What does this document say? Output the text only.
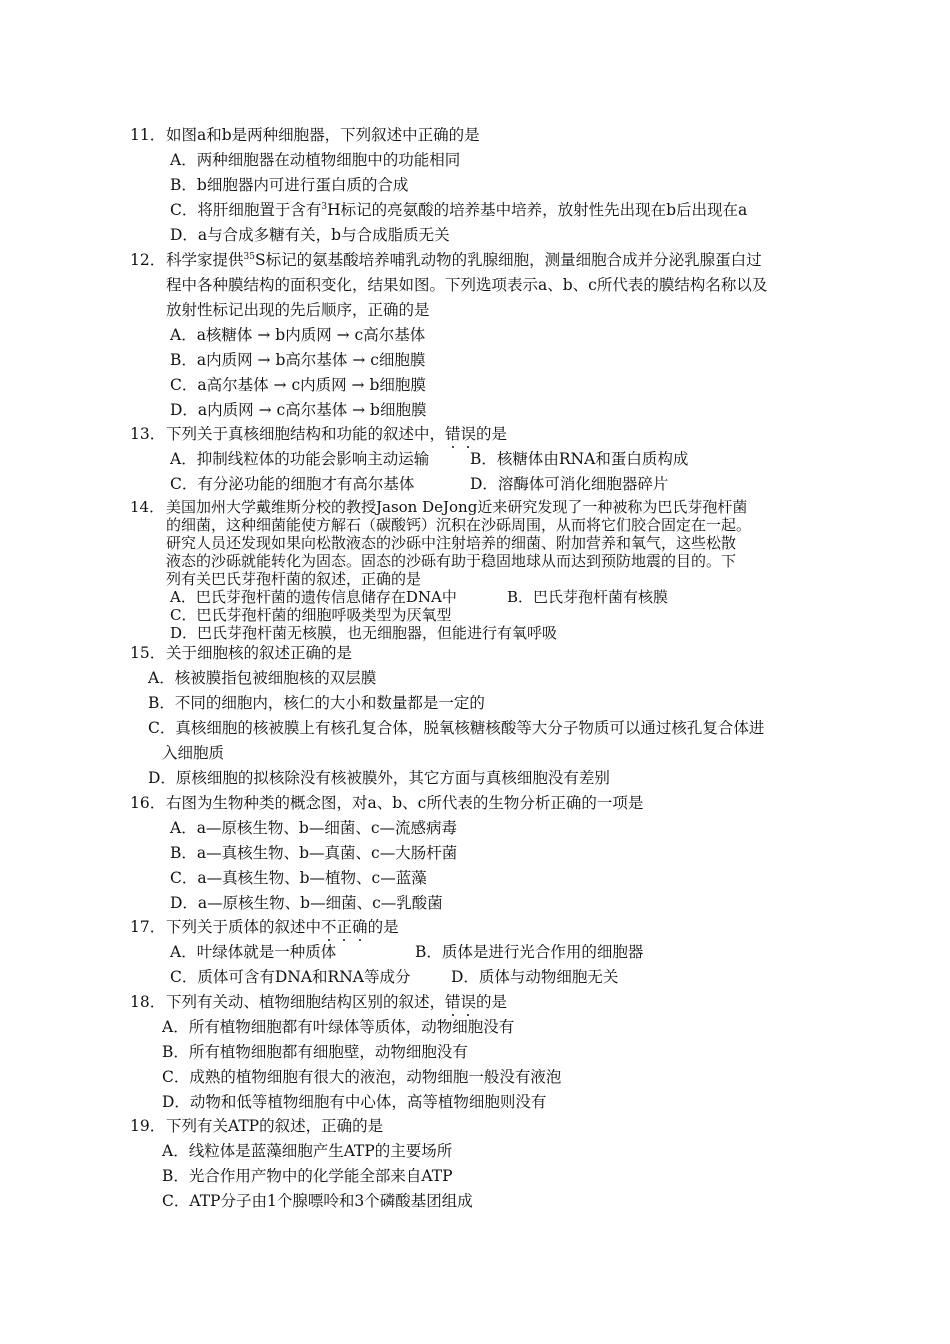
11．如图a和b是两种细胞器，下列叙述中正确的是
A．两种细胞器在动植物细胞中的功能相同
B．b细胞器内可进行蛋白质的合成
C．将肝细胞置于含有$^3$H标记的亮氨酸的培养基中培养，放射性先出现在b后出现在a
D．a与合成多糖有关，b与合成脂质无关
12．科学家提供$^{35}$S标记的氨基酸培养哺乳动物的乳腺细胞，测量细胞合成并分泌乳腺蛋白过
程中各种膜结构的面积变化，结果如图。下列选项表示a、b、c所代表的膜结构名称以及
放射性标记出现的先后顺序，正确的是
A．a核糖体 → b内质网 → c高尔基体
B．a内质网 → b高尔基体 → c细胞膜
C．a高尔基体 → c内质网 → b细胞膜
D．a内质网 → c高尔基体 → b细胞膜
13．下列关于真核细胞结构和功能的叙述中，错误的是
A．抑制线粒体的功能会影响主动运输	B．核糖体由RNA和蛋白质构成
C．有分泌功能的细胞才有高尔基体	D．溶酶体可消化细胞器碎片
14． 美国加州大学戴维斯分校的教授Jason DeJong近来研究发现了一种被称为巴氏芽孢杆菌
的细菌，这种细菌能使方解石（碳酸钙）沉积在沙砾周围，从而将它们胶合固定在一起。
研究人员还发现如果向松散液态的沙砾中注射培养的细菌、附加营养和氧气，这些松散
液态的沙砾就能转化为固态。固态的沙砾有助于稳固地球从而达到预防地震的目的。下
列有关巴氏芽孢杆菌的叙述，正确的是
A．巴氏芽孢杆菌的遗传信息储存在DNA中	B．巴氏芽孢杆菌有核膜
C．巴氏芽孢杆菌的细胞呼吸类型为厌氧型
D．巴氏芽孢杆菌无核膜，也无细胞器，但能进行有氧呼吸
15．关于细胞核的叙述正确的是
A．核被膜指包被细胞核的双层膜
B．不同的细胞内，核仁的大小和数量都是一定的
C．真核细胞的核被膜上有核孔复合体，脱氧核糖核酸等大分子物质可以通过核孔复合体进
入细胞质
D．原核细胞的拟核除没有核被膜外，其它方面与真核细胞没有差别
16．右图为生物种类的概念图，对a、b、c所代表的生物分析正确的一项是
A．a—原核生物、b—细菌、c—流感病毒
B．a—真核生物、b—真菌、c—大肠杆菌
C．a—真核生物、b—植物、c—蓝藻
D．a—原核生物、b—细菌、c—乳酸菌
17．下列关于质体的叙述中不正确的是
A．叶绿体就是一种质体	B．质体是进行光合作用的细胞器
C．质体可含有DNA和RNA等成分	D．质体与动物细胞无关
18．下列有关动、植物细胞结构区别的叙述，错误的是
A．所有植物细胞都有叶绿体等质体，动物细胞没有
B．所有植物细胞都有细胞壁，动物细胞没有
C．成熟的植物细胞有很大的液泡，动物细胞一般没有液泡
D．动物和低等植物细胞有中心体，高等植物细胞则没有
19．下列有关ATP的叙述，正确的是
A．线粒体是蓝藻细胞产生ATP的主要场所
B．光合作用产物中的化学能全部来自ATP
C．ATP分子由1个腺嘌呤和3个磷酸基团组成
